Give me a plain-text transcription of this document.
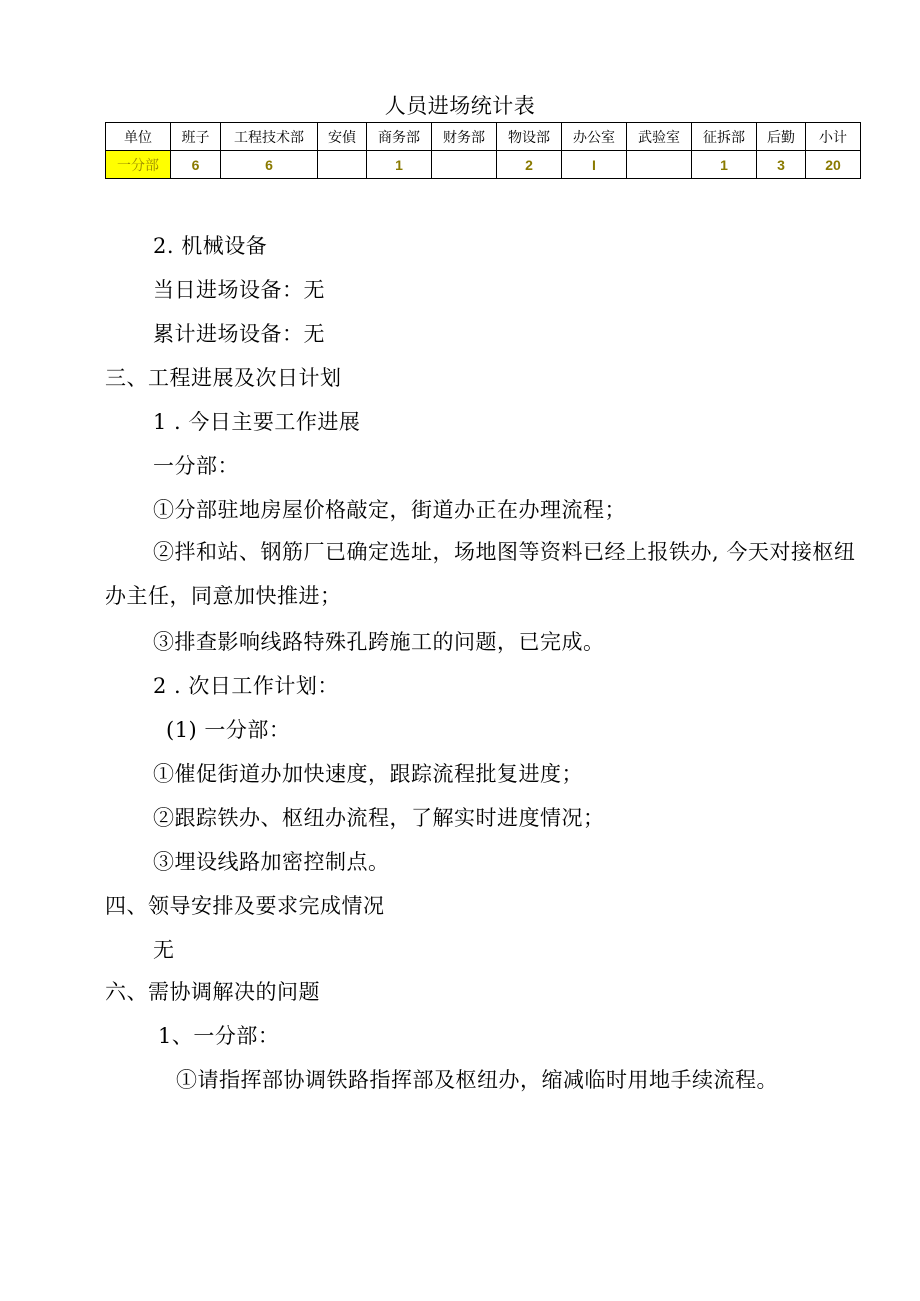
人员进场统计表
单位	班子	工程技术部	安偵	商务部	财务部	物设部	办公室	武验室	征拆部	后勤	小计
一分部	6	6		1		2	I		1	3	20
2. 机械设备
当日进场设备：无
累计进场设备：无
三、工程进展及次日计划
1 . 今日主要工作进展
一分部：
①分部驻地房屋价格敲定，街道办正在办理流程；
②拌和站、钢筋厂已确定选址，场地图等资料已经上报铁办, 今天对接枢纽办主任，同意加快推进；
③排查影响线路特殊孔跨施工的问题，已完成。
2 . 次日工作计划：
(1) 一分部：
①催促街道办加快速度，跟踪流程批复进度；
②跟踪铁办、枢纽办流程，了解实时进度情况；
③埋设线路加密控制点。
四、领导安排及要求完成情况
无
六、需协调解决的问题
1、一分部：
①请指挥部协调铁路指挥部及枢纽办，缩减临时用地手续流程。
